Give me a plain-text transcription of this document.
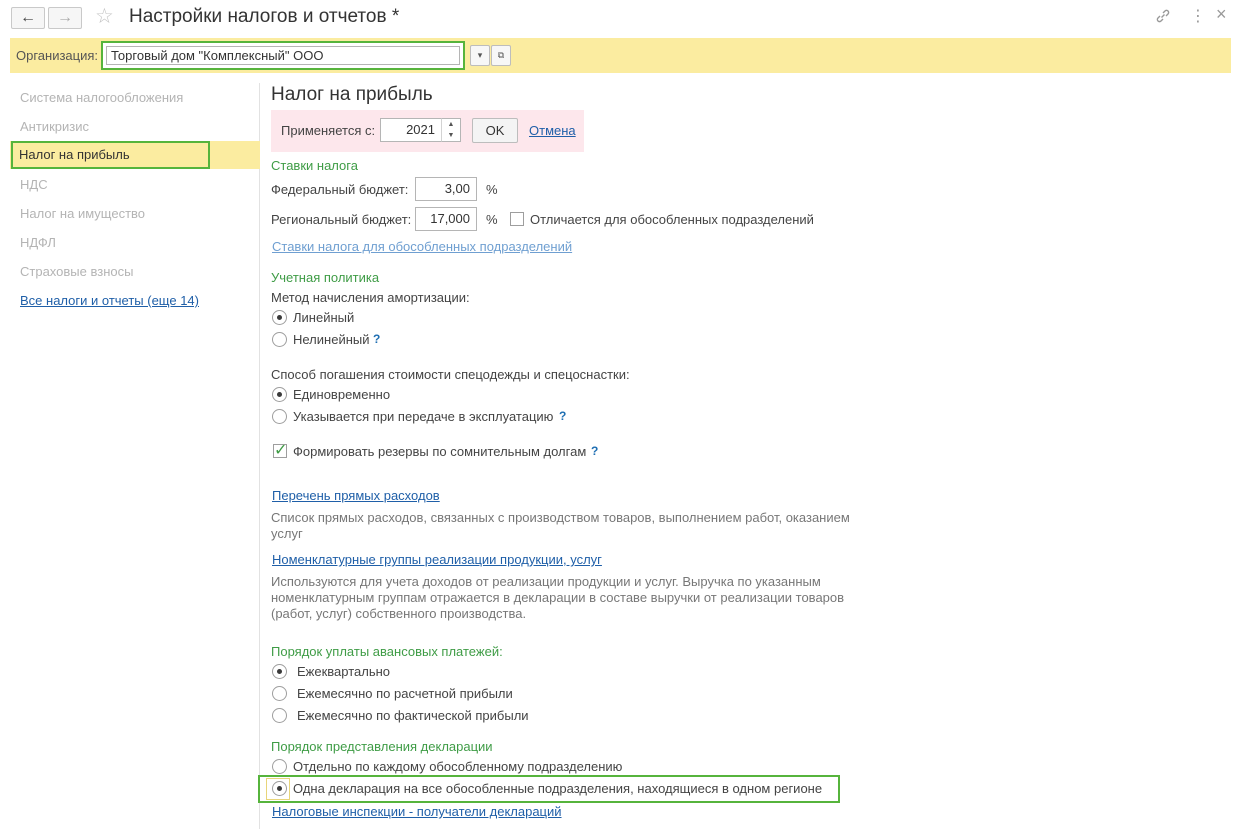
← → ☆ Настройки налогов и отчетов *	⋮ ×
Организация: Торговый дом "Комплексный" ООО	▾ ⧉
Система налогообложения
Антикризис
Налог на прибыль
НДС
Налог на имущество
НДФЛ
Страховые взносы
Все налоги и отчеты (еще 14)
Налог на прибыль
Применяется с:	2021	▲
▼	OK	Отмена
Ставки налога
Федеральный бюджет:	3,00	%
Региональный бюджет:	17,000	% Отличается для обособленных подразделений
Ставки налога для обособленных подразделений
Учетная политика
Метод начисления амортизации:
Линейный
Нелинейный ?
Способ погашения стоимости спецодежды и спецоснастки:
Единовременно
Указывается при передаче в эксплуатацию ?
✓
Формировать резервы по сомнительным долгам ?
Перечень прямых расходов
Список прямых расходов, связанных с производством товаров, выполнением работ, оказанием услуг
Номенклатурные группы реализации продукции, услуг
Используются для учета доходов от реализации продукции и услуг. Выручка по указанным номенклатурным группам отражается в декларации в составе выручки от реализации товаров (работ, услуг) собственного производства.
Порядок уплаты авансовых платежей:
Ежеквартально
Ежемесячно по расчетной прибыли
Ежемесячно по фактической прибыли
Порядок представления декларации
Отдельно по каждому обособленному подразделению
Одна декларация на все обособленные подразделения, находящиеся в одном регионе
Налоговые инспекции - получатели деклараций
